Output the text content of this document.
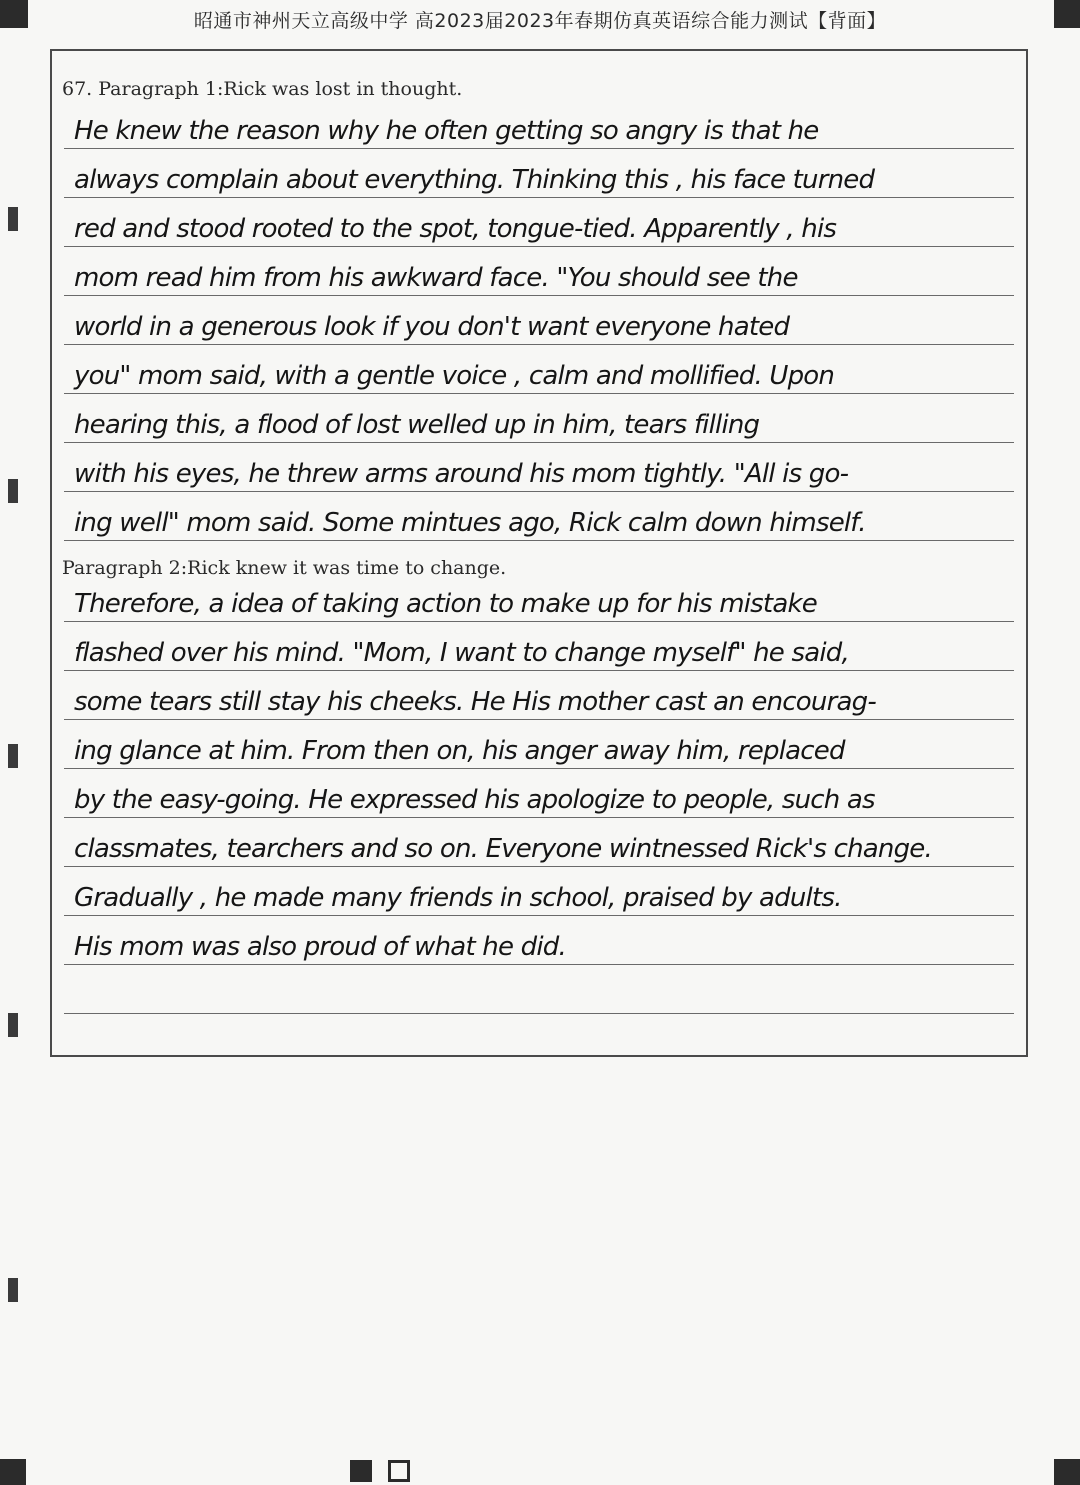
昭通市神州天立高级中学 高2023届2023年春期仿真英语综合能力测试【背面】
67. Paragraph 1:Rick was lost in thought.
He knew the reason why he often getting so angry is that he
always complain about everything. Thinking this , his face turned
red and stood rooted to the spot, tongue-tied. Apparently , his
mom read him from his awkward face. "You should see the
world in a generous look if you don't want everyone hated
you" mom said, with a gentle voice , calm and mollified. Upon
hearing this, a flood of lost welled up in him, tears filling
with his eyes, he threw arms around his mom tightly. "All is go-
ing well" mom said. Some mintues ago, Rick calm down himself.
Paragraph 2:Rick knew it was time to change.
Therefore, a idea of taking action to make up for his mistake
flashed over his mind. "Mom, I want to change myself" he said,
some tears still stay his cheeks. He His mother cast an encourag-
ing glance at him. From then on, his anger away him, replaced
by the easy-going. He expressed his apologize to people, such as
classmates, tearchers and so on. Everyone wintnessed Rick's change.
Gradually , he made many friends in school, praised by adults.
His mom was also proud of what he did.
